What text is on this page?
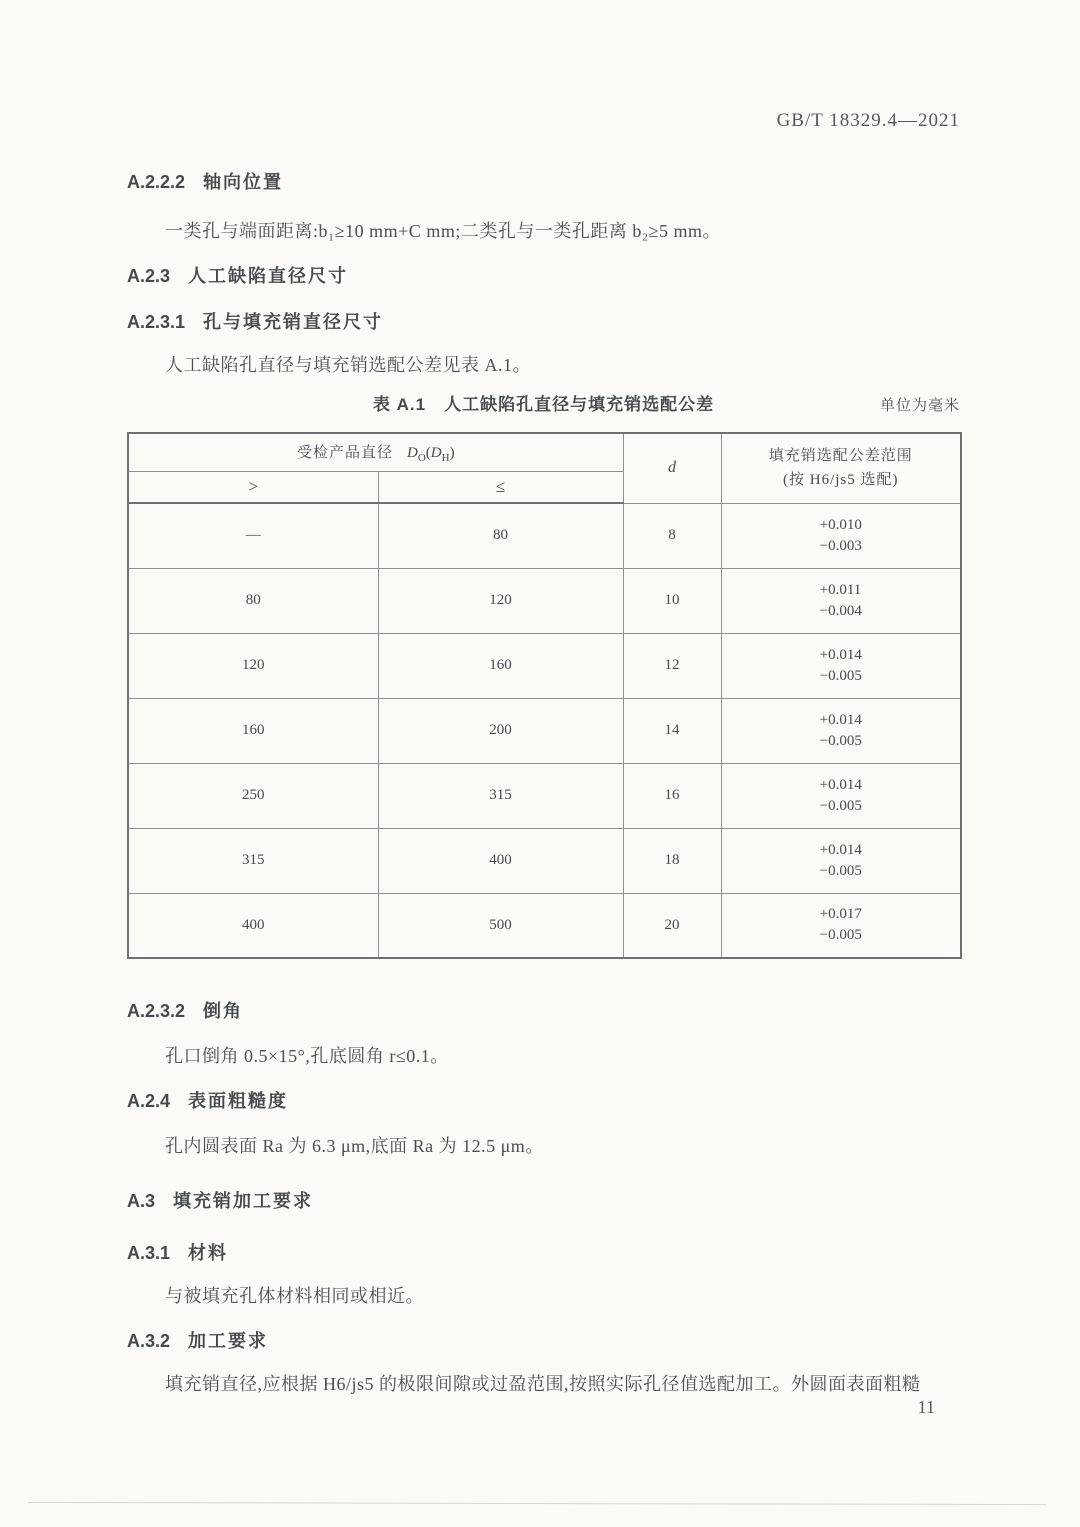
GB/T 18329.4—2021
A.2.2.2 轴向位置
一类孔与端面距离:b₁≥10 mm+C mm;二类孔与一类孔距离 b₂≥5 mm。
A.2.3 人工缺陷直径尺寸
A.2.3.1 孔与填充销直径尺寸
人工缺陷孔直径与填充销选配公差见表 A.1。
表 A.1　人工缺陷孔直径与填充销选配公差	单位为毫米
受检产品直径 $D_O(D_H)$		d	填充销选配公差范围
(按 H6/js5 选配)

>	≤		
—	80	8	+0.010
−0.003

80	120	10	+0.011
−0.004

120	160	12	+0.014
−0.005

160	200	14	+0.014
−0.005

250	315	16	+0.014
−0.005

315	400	18	+0.014
−0.005

400	500	20	+0.017
−0.005
A.2.3.2 倒角
孔口倒角 0.5×15°,孔底圆角 r≤0.1。
A.2.4 表面粗糙度
孔内圆表面 Ra 为 6.3 μm,底面 Ra 为 12.5 μm。
A.3 填充销加工要求
A.3.1 材料
与被填充孔体材料相同或相近。
A.3.2 加工要求
填充销直径,应根据 H6/js5 的极限间隙或过盈范围,按照实际孔径值选配加工。外圆面表面粗糙
11
